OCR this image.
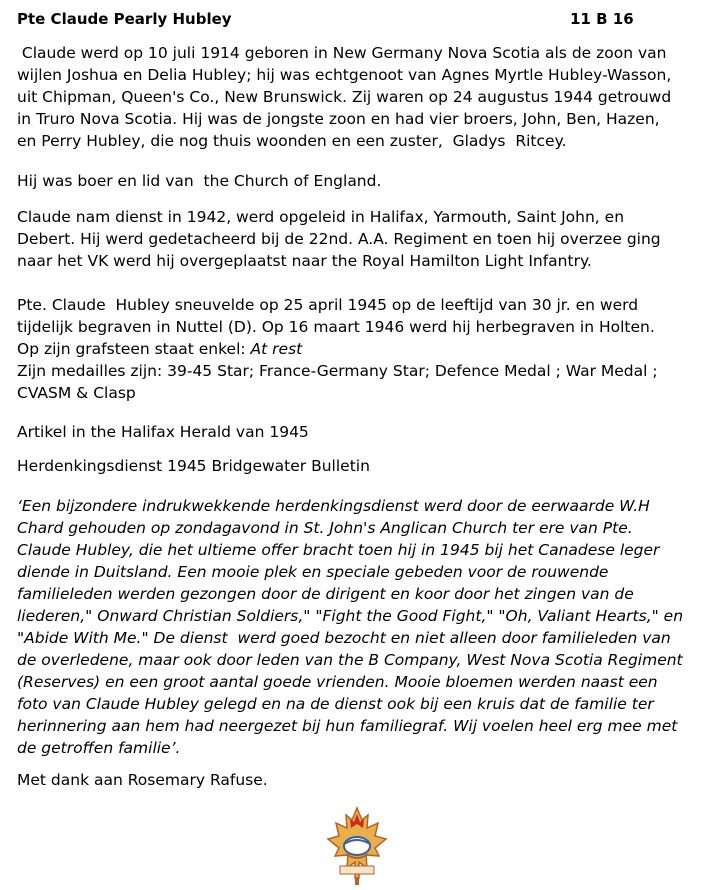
Pte Claude Pearly Hubley	11 B 16

Claude werd op 10 juli 1914 geboren in New Germany Nova Scotia als de zoon van
wijlen Joshua en Delia Hubley; hij was echtgenoot van Agnes Myrtle Hubley-Wasson,
uit Chipman, Queen's Co., New Brunswick. Zij waren op 24 augustus 1944 getrouwd
in Truro Nova Scotia. Hij was de jongste zoon en had vier broers, John, Ben, Hazen,
en Perry Hubley, die nog thuis woonden en een zuster,  Gladys  Ritcey.

Hij was boer en lid van  the Church of England.

Claude nam dienst in 1942, werd opgeleid in Halifax, Yarmouth, Saint John, en
Debert. Hij werd gedetacheerd bij de 22nd. A.A. Regiment en toen hij overzee ging
naar het VK werd hij overgeplaatst naar the Royal Hamilton Light Infantry.

Pte. Claude  Hubley sneuvelde op 25 april 1945 op de leeftijd van 30 jr. en werd
tijdelijk begraven in Nuttel (D). Op 16 maart 1946 werd hij herbegraven in Holten.
Op zijn grafsteen staat enkel: At rest
Zijn medailles zijn: 39-45 Star; France-Germany Star; Defence Medal ; War Medal ;
CVASM & Clasp

Artikel in the Halifax Herald van 1945

Herdenkingsdienst 1945 Bridgewater Bulletin

‘Een bijzondere indrukwekkende herdenkingsdienst werd door de eerwaarde W.H
Chard gehouden op zondagavond in St. John's Anglican Church ter ere van Pte.
Claude Hubley, die het ultieme offer bracht toen hij in 1945 bij het Canadese leger
diende in Duitsland. Een mooie plek en speciale gebeden voor de rouwende
familieleden werden gezongen door de dirigent en koor door het zingen van de
liederen," Onward Christian Soldiers," "Fight the Good Fight," "Oh, Valiant Hearts," en
"Abide With Me." De dienst  werd goed bezocht en niet alleen door familieleden van
de overledene, maar ook door leden van the B Company, West Nova Scotia Regiment
(Reserves) en een groot aantal goede vrienden. Mooie bloemen werden naast een
foto van Claude Hubley gelegd en na de dienst ook bij een kruis dat de familie ter
herinnering aan hem had neergezet bij hun familiegraf. Wij voelen heel erg mee met
de getroffen familie’.

Met dank aan Rosemary Rafuse.
